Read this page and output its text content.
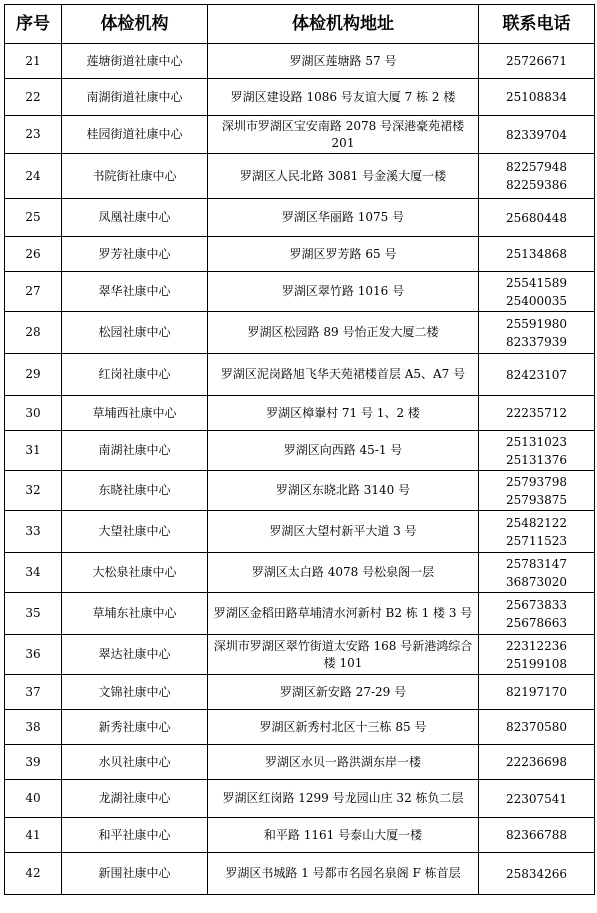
序号	体检机构	体检机构地址	联系电话
21	莲塘街道社康中心	罗湖区莲塘路 57 号	25726671

22	南湖街道社康中心	罗湖区建设路 1086 号友谊大厦 7 栋 2 楼	25108834

23	桂园街道社康中心	深圳市罗湖区宝安南路 2078 号深港豪苑裙楼 201	82339704

24	书院街社康中心	罗湖区人民北路 3081 号金溪大厦一楼	82257948
82259386

25	凤凰社康中心	罗湖区华丽路 1075 号	25680448

26	罗芳社康中心	罗湖区罗芳路 65 号	25134868

27	翠华社康中心	罗湖区翠竹路 1016 号	25541589
25400035

28	松园社康中心	罗湖区松园路 89 号怡正发大厦二楼	25591980
82337939

29	红岗社康中心	罗湖区泥岗路旭飞华天苑裙楼首层 A5、A7 号	82423107

30	草埔西社康中心	罗湖区樟輋村 71 号 1、2 楼	22235712

31	南湖社康中心	罗湖区向西路 45-1 号	25131023
25131376

32	东晓社康中心	罗湖区东晓北路 3140 号	25793798
25793875

33	大望社康中心	罗湖区大望村新平大道 3 号	25482122
25711523

34	大松泉社康中心	罗湖区太白路 4078 号松泉阁一层	25783147
36873020

35	草埔东社康中心	罗湖区金稻田路草埔清水河新村 B2 栋 1 楼 3 号	25673833
25678663

36	翠达社康中心	深圳市罗湖区翠竹街道太安路 168 号新港鸿综合楼 101	22312236
25199108

37	文锦社康中心	罗湖区新安路 27-29 号	82197170

38	新秀社康中心	罗湖区新秀村北区十三栋 85 号	82370580

39	水贝社康中心	罗湖区水贝一路洪湖东岸一楼	22236698

40	龙湖社康中心	罗湖区红岗路 1299 号龙园山庄 32 栋负二层	22307541

41	和平社康中心	和平路 1161 号泰山大厦一楼	82366788

42	新围社康中心	罗湖区书城路 1 号都市名园名泉阁 F 栋首层	25834266
